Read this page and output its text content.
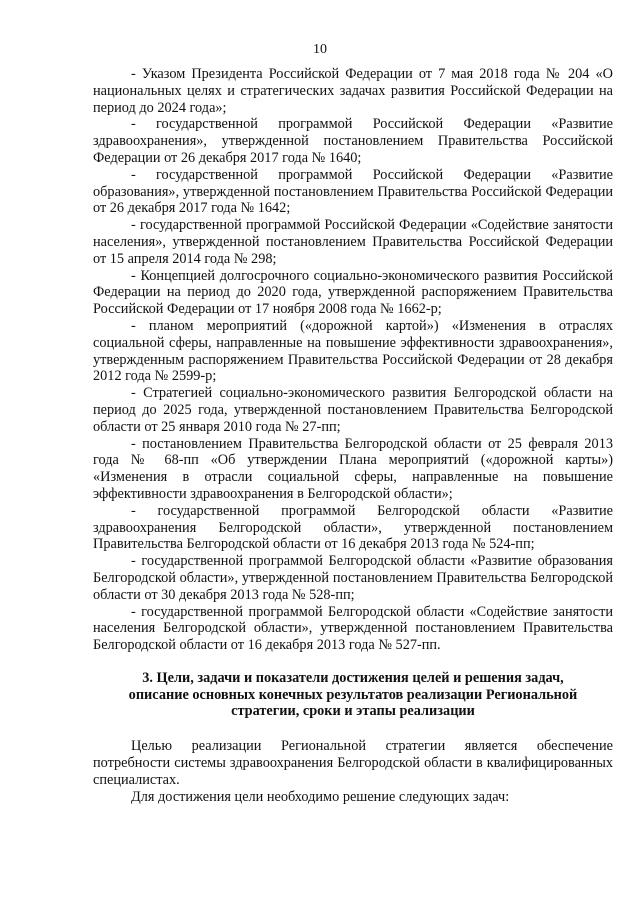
10

- Указом Президента Российской Федерации от 7 мая 2018 года № 204 «О национальных целях и стратегических задачах развития Российской Федерации на период до 2024 года»;

- государственной программой Российской Федерации «Развитие здравоохранения», утвержденной постановлением Правительства Российской Федерации от 26 декабря 2017 года № 1640;

- государственной программой Российской Федерации «Развитие образования», утвержденной постановлением Правительства Российской Федерации от 26 декабря 2017 года № 1642;

- государственной программой Российской Федерации «Содействие занятости населения», утвержденной постановлением Правительства Российской Федерации от 15 апреля 2014 года № 298;

- Концепцией долгосрочного социально-экономического развития Российской Федерации на период до 2020 года, утвержденной распоряжением Правительства Российской Федерации от 17 ноября 2008 года № 1662-р;

- планом мероприятий («дорожной картой») «Изменения в отраслях социальной сферы, направленные на повышение эффективности здравоохранения», утвержденным распоряжением Правительства Российской Федерации от 28 декабря 2012 года № 2599-р;

- Стратегией социально-экономического развития Белгородской области на период до 2025 года, утвержденной постановлением Правительства Белгородской области от 25 января 2010 года № 27-пп;

- постановлением Правительства Белгородской области от 25 февраля 2013 года № 68-пп «Об утверждении Плана мероприятий («дорожной карты») «Изменения в отрасли социальной сферы, направленные на повышение эффективности здравоохранения в Белгородской области»;

- государственной программой Белгородской области «Развитие здравоохранения Белгородской области», утвержденной постановлением Правительства Белгородской области от 16 декабря 2013 года № 524-пп;

- государственной программой Белгородской области «Развитие образования Белгородской области», утвержденной постановлением Правительства Белгородской области от 30 декабря 2013 года № 528-пп;

- государственной программой Белгородской области «Содействие занятости населения Белгородской области», утвержденной постановлением Правительства Белгородской области от 16 декабря 2013 года № 527-пп.

3. Цели, задачи и показатели достижения целей и решения задач, описание основных конечных результатов реализации Региональной стратегии, сроки и этапы реализации

Целью реализации Региональной стратегии является обеспечение потребности системы здравоохранения Белгородской области в квалифицированных специалистах.

Для достижения цели необходимо решение следующих задач:
